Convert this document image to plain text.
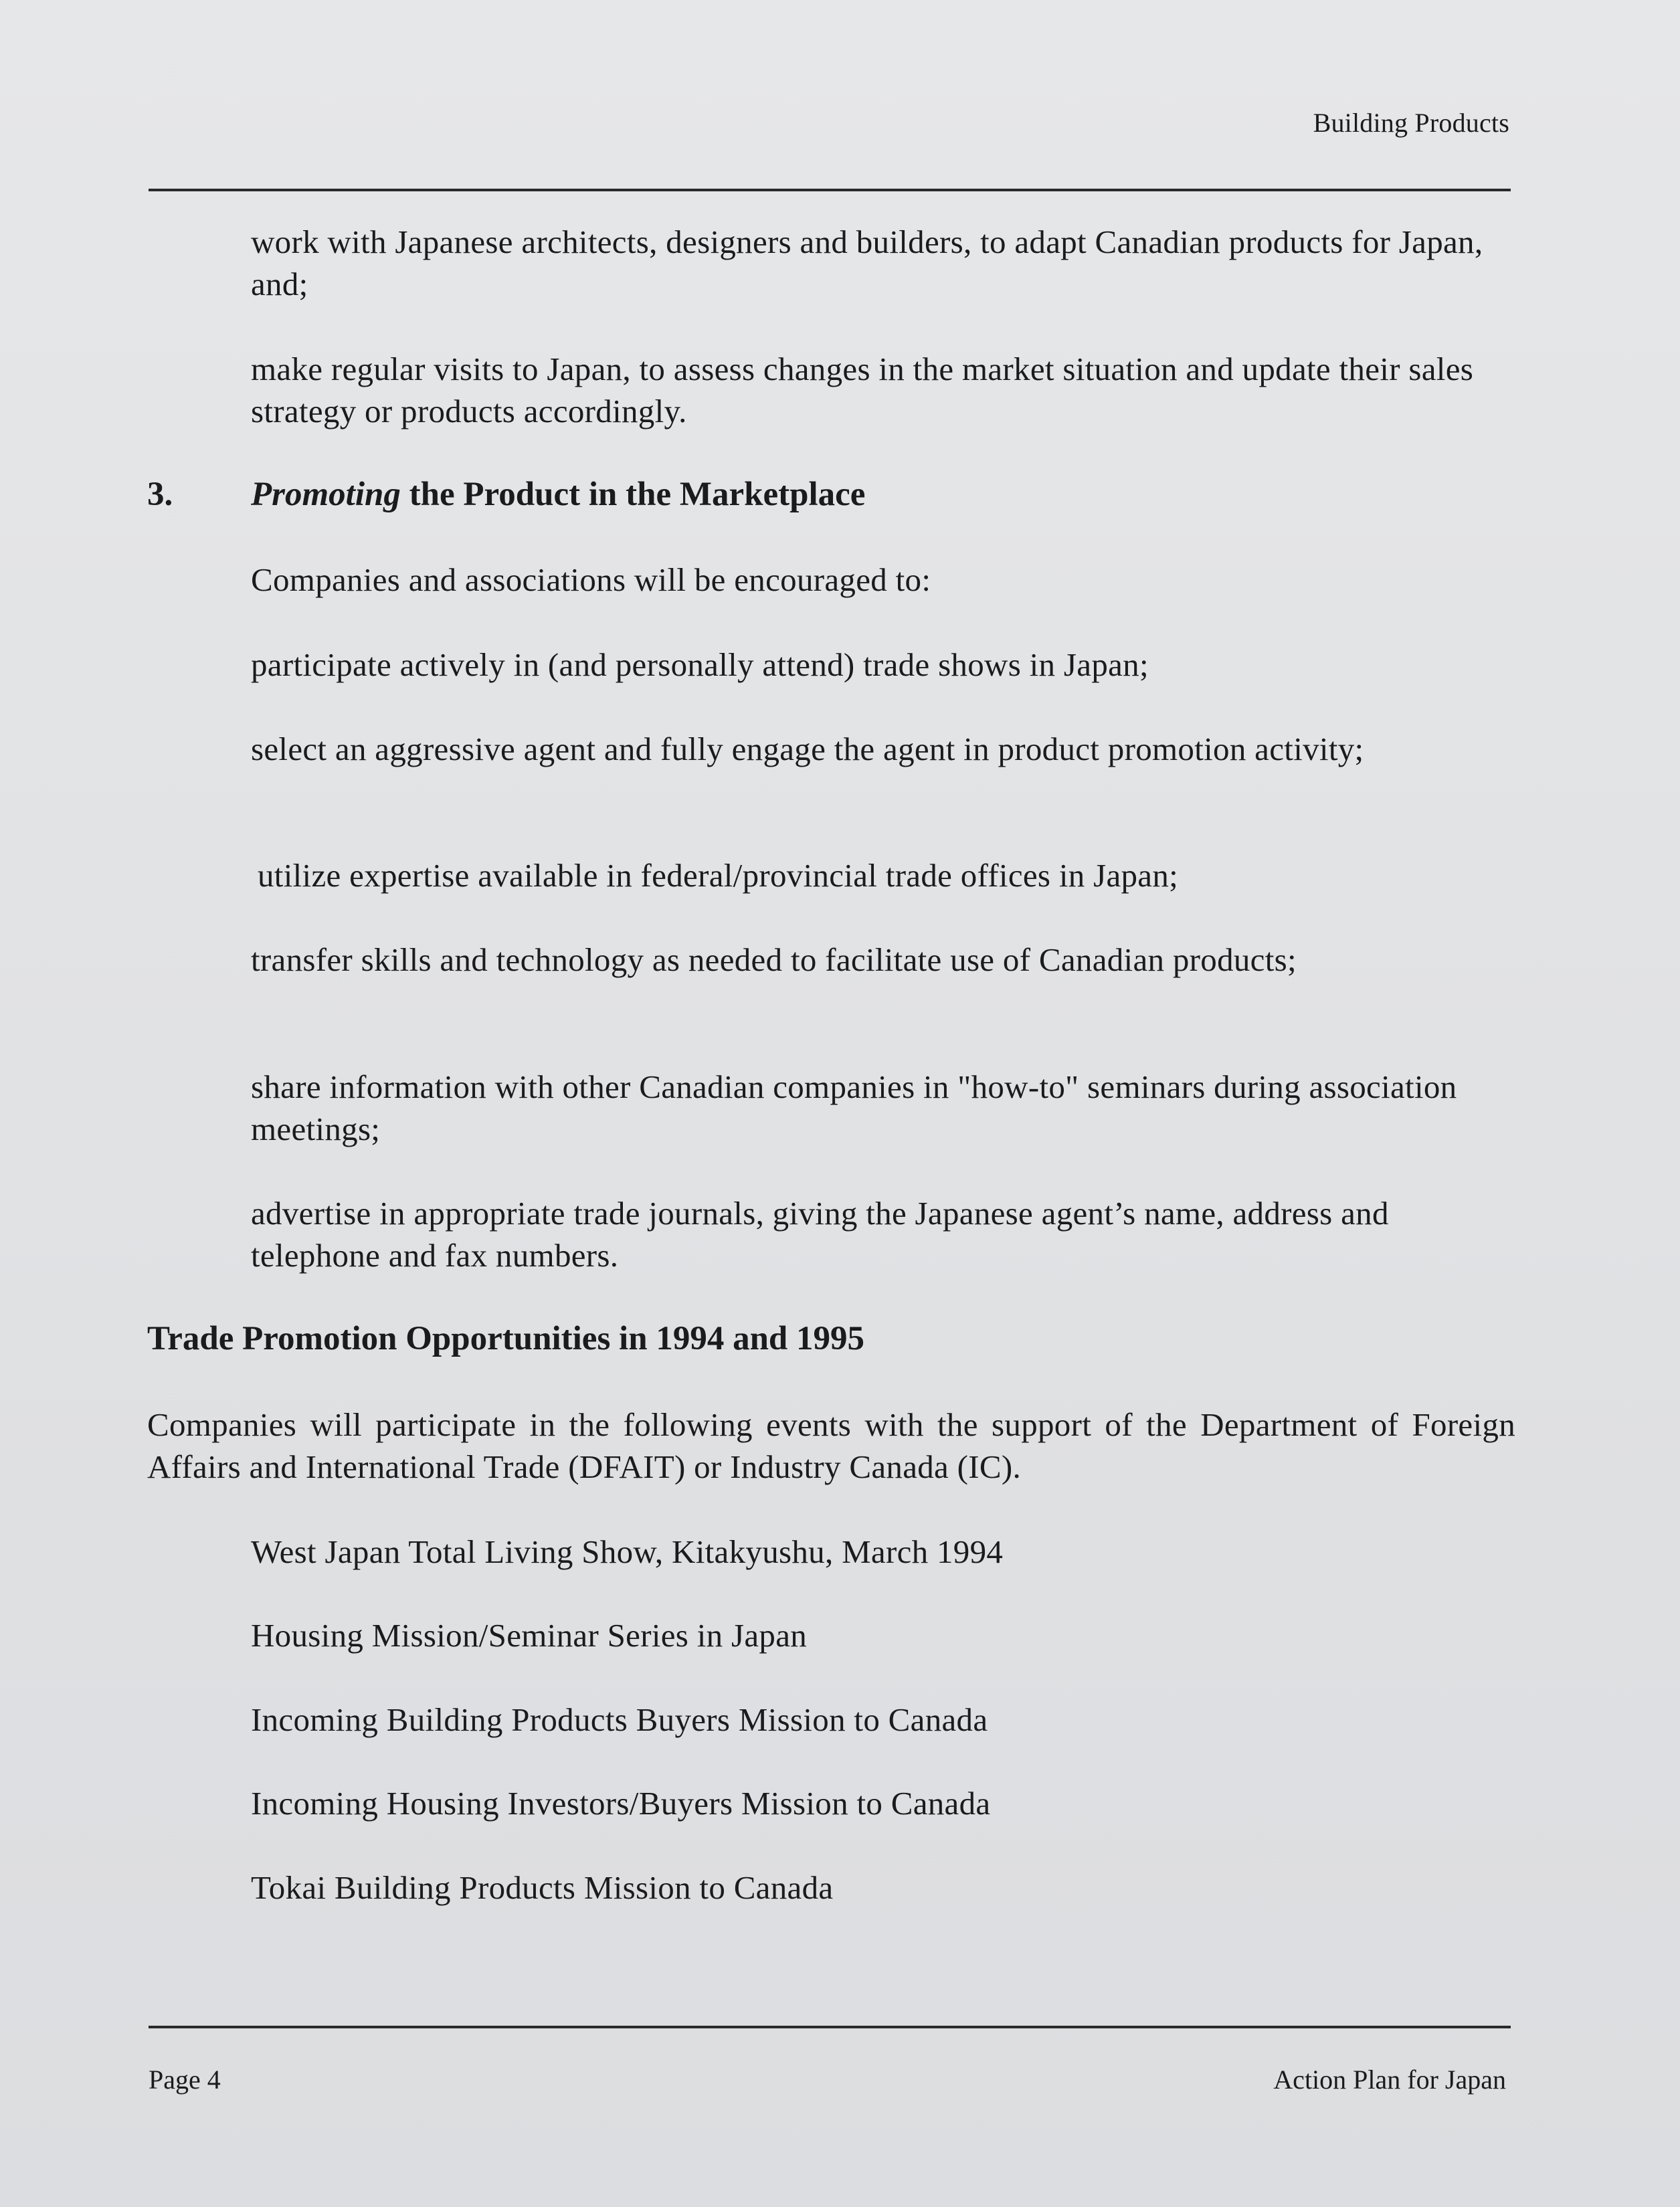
Building Products
work with Japanese architects, designers and builders, to adapt Canadian products for Japan, and;
make regular visits to Japan, to assess changes in the market situation and update their sales strategy or products accordingly.
3. Promoting the Product in the Marketplace
Companies and associations will be encouraged to:
participate actively in (and personally attend) trade shows in Japan;
select an aggressive agent and fully engage the agent in product promotion activity;
utilize expertise available in federal/provincial trade offices in Japan;
transfer skills and technology as needed to facilitate use of Canadian products;
share information with other Canadian companies in "how-to" seminars during association meetings;
advertise in appropriate trade journals, giving the Japanese agent’s name, address and telephone and fax numbers.
Trade Promotion Opportunities in 1994 and 1995
Companies will participate in the following events with the support of the Department of Foreign Affairs and International Trade (DFAIT) or Industry Canada (IC).
West Japan Total Living Show, Kitakyushu, March 1994
Housing Mission/Seminar Series in Japan
Incoming Building Products Buyers Mission to Canada
Incoming Housing Investors/Buyers Mission to Canada
Tokai Building Products Mission to Canada
Page 4	Action Plan for Japan
